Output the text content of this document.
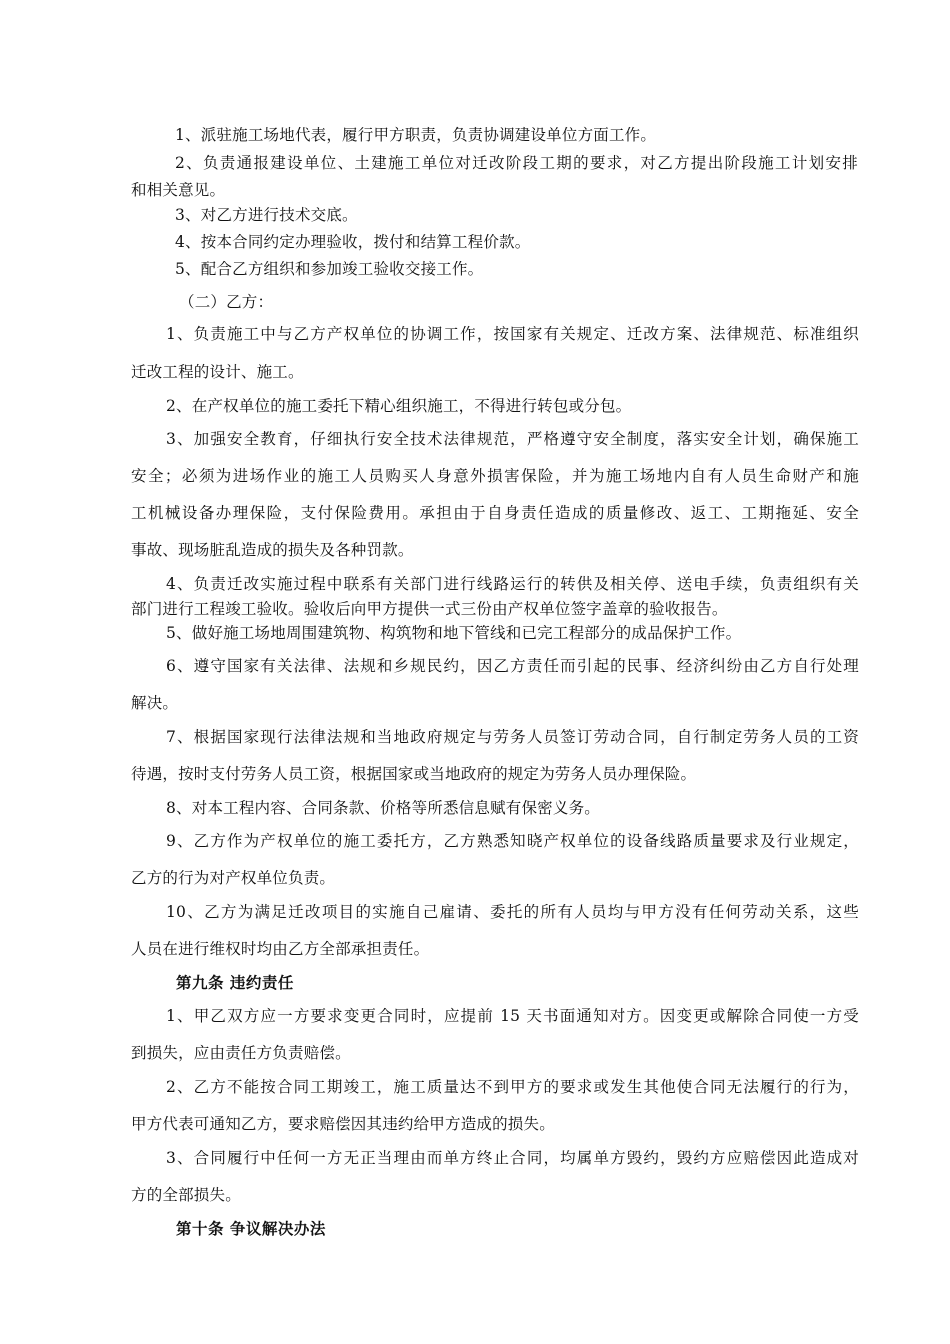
1、派驻施工场地代表，履行甲方职责，负责协调建设单位方面工作。
2、负责通报建设单位、土建施工单位对迁改阶段工期的要求，对乙方提出阶段施工计划安排
和相关意见。
3、对乙方进行技术交底。
4、按本合同约定办理验收，拨付和结算工程价款。
5、配合乙方组织和参加竣工验收交接工作。
（二）乙方：
1、负责施工中与乙方产权单位的协调工作，按国家有关规定、迁改方案、法律规范、标准组织
迁改工程的设计、施工。
2、在产权单位的施工委托下精心组织施工，不得进行转包或分包。
3、加强安全教育，仔细执行安全技术法律规范，严格遵守安全制度，落实安全计划，确保施工
安全；必须为进场作业的施工人员购买人身意外损害保险，并为施工场地内自有人员生命财产和施
工机械设备办理保险，支付保险费用。承担由于自身责任造成的质量修改、返工、工期拖延、安全
事故、现场脏乱造成的损失及各种罚款。
4、负责迁改实施过程中联系有关部门进行线路运行的转供及相关停、送电手续，负责组织有关
部门进行工程竣工验收。验收后向甲方提供一式三份由产权单位签字盖章的验收报告。
5、做好施工场地周围建筑物、构筑物和地下管线和已完工程部分的成品保护工作。
6、遵守国家有关法律、法规和乡规民约，因乙方责任而引起的民事、经济纠纷由乙方自行处理
解决。
7、根据国家现行法律法规和当地政府规定与劳务人员签订劳动合同，自行制定劳务人员的工资
待遇，按时支付劳务人员工资，根据国家或当地政府的规定为劳务人员办理保险。
8、对本工程内容、合同条款、价格等所悉信息赋有保密义务。
9、乙方作为产权单位的施工委托方，乙方熟悉知晓产权单位的设备线路质量要求及行业规定，
乙方的行为对产权单位负责。
10、乙方为满足迁改项目的实施自己雇请、委托的所有人员均与甲方没有任何劳动关系，这些
人员在进行维权时均由乙方全部承担责任。
第九条 违约责任
1、甲乙双方应一方要求变更合同时，应提前 15 天书面通知对方。因变更或解除合同使一方受
到损失，应由责任方负责赔偿。
2、乙方不能按合同工期竣工，施工质量达不到甲方的要求或发生其他使合同无法履行的行为，
甲方代表可通知乙方，要求赔偿因其违约给甲方造成的损失。
3、合同履行中任何一方无正当理由而单方终止合同，均属单方毁约，毁约方应赔偿因此造成对
方的全部损失。
第十条 争议解决办法
